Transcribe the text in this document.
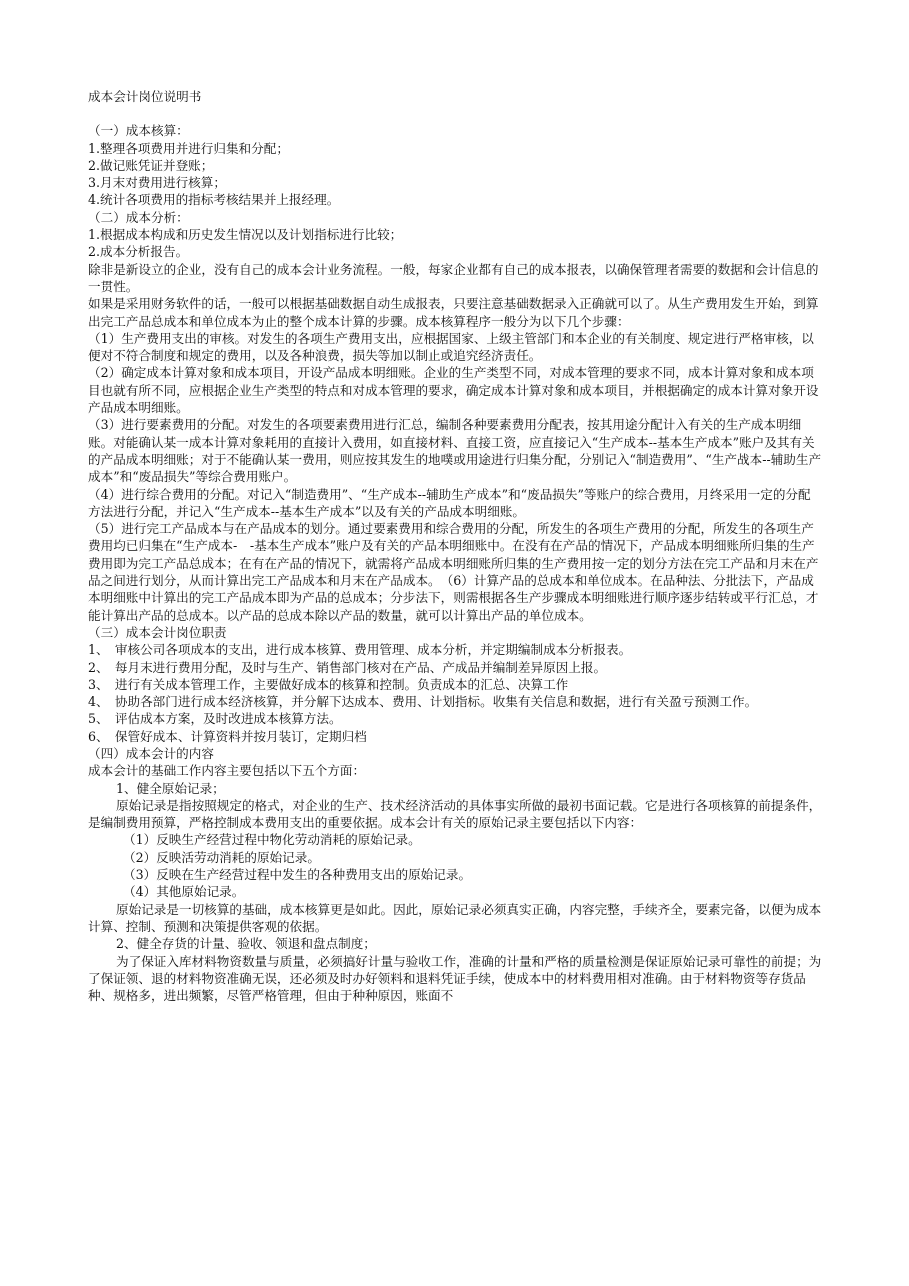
成本会计岗位说明书

（一）成本核算：

1.整理各项费用并进行归集和分配；

2.做记账凭证并登账；

3.月末对费用进行核算；

4.统计各项费用的指标考核结果并上报经理。

（二）成本分析：

1.根据成本构成和历史发生情况以及计划指标进行比较；

2.成本分析报告。

除非是新设立的企业，没有自己的成本会计业务流程。一般，每家企业都有自己的成本报表，以确保管理者需要的数据和会计信息的一贯性。

如果是采用财务软件的话，一般可以根据基础数据自动生成报表，只要注意基础数据录入正确就可以了。从生产费用发生开始，到算出完工产品总成本和单位成本为止的整个成本计算的步骤。成本核算程序一般分为以下几个步骤：

（1）生产费用支出的审核。对发生的各项生产费用支出，应根据国家、上级主管部门和本企业的有关制度、规定进行严格审核，以便对不符合制度和规定的费用，以及各种浪费，损失等加以制止或追究经济责任。

（2）确定成本计算对象和成本项目，开设产品成本明细账。企业的生产类型不同，对成本管理的要求不同，成本计算对象和成本项目也就有所不同，应根据企业生产类型的特点和对成本管理的要求，确定成本计算对象和成本项目，并根据确定的成本计算对象开设产品成本明细账。

（3）进行要素费用的分配。对发生的各项要素费用进行汇总，编制各种要素费用分配表，按其用途分配计入有关的生产成本明细账。对能确认某一成本计算对象耗用的直接计入费用，如直接材料、直接工资，应直接记入“生产成本--基本生产成本”账户及其有关的产品成本明细账；对于不能确认某一费用，则应按其发生的地噗或用途进行归集分配，分别记入“制造费用”、“生产战本--辅助生产成本”和“废品损失”等综合费用账户。

（4）进行综合费用的分配。对记入“制造费用”、“生产成本--辅助生产成本”和“废品损失”等账户的综合费用，月终采用一定的分配方法进行分配，并记入“生产成本--基本生产成本”以及有关的产品成本明细账。

（5）进行完工产品成本与在产品成本的划分。通过要素费用和综合费用的分配，所发生的各项生产费用的分配，所发生的各项生产费用均已归集在“生产成本-　-基本生产成本”账户及有关的产品本明细账中。在没有在产品的情况下，产品成本明细账所归集的生产费用即为完工产品总成本；在有在产品的情况下，就需将产品成本明细账所归集的生产费用按一定的划分方法在完工产品和月末在产品之间进行划分，从而计算出完工产品成本和月末在产品成本。　（6）计算产品的总成本和单位成本。在品种法、分批法下，产品成本明细账中计算出的完工产品成本即为产品的总成本；分步法下，则需根据各生产步骤成本明细账进行顺序逐步结转或平行汇总，才能计算出产品的总成本。以产品的总成本除以产品的数量，就可以计算出产品的单位成本。

（三）成本会计岗位职责

1、　审核公司各项成本的支出，进行成本核算、费用管理、成本分析，并定期编制成本分析报表。

2、　每月末进行费用分配，及时与生产、销售部门核对在产品、产成品并编制差异原因上报。

3、　进行有关成本管理工作，主要做好成本的核算和控制。负责成本的汇总、决算工作

4、　协助各部门进行成本经济核算，并分解下达成本、费用、计划指标。收集有关信息和数据，进行有关盈亏预测工作。

5、　评估成本方案，及时改进成本核算方法。

6、　保管好成本、计算资料并按月装订，定期归档

（四）成本会计的内容

成本会计的基础工作内容主要包括以下五个方面：

1、健全原始记录；

原始记录是指按照规定的格式，对企业的生产、技术经济活动的具体事实所做的最初书面记载。它是进行各项核算的前提条件，是编制费用预算，严格控制成本费用支出的重要依据。成本会计有关的原始记录主要包括以下内容：

（1）反映生产经营过程中物化劳动消耗的原始记录。

（2）反映活劳动消耗的原始记录。

（3）反映在生产经营过程中发生的各种费用支出的原始记录。

（4）其他原始记录。

原始记录是一切核算的基础，成本核算更是如此。因此，原始记录必须真实正确，内容完整，手续齐全，要素完备，以便为成本计算、控制、预测和决策提供客观的依据。

2、健全存货的计量、验收、领退和盘点制度；

为了保证入库材料物资数量与质量，必须搞好计量与验收工作，准确的计量和严格的质量检测是保证原始记录可靠性的前提；为了保证领、退的材料物资准确无误，还必须及时办好领料和退料凭证手续，使成本中的材料费用相对准确。由于材料物资等存货品种、规格多，进出频繁，尽管严格管理，但由于种种原因，账面不
